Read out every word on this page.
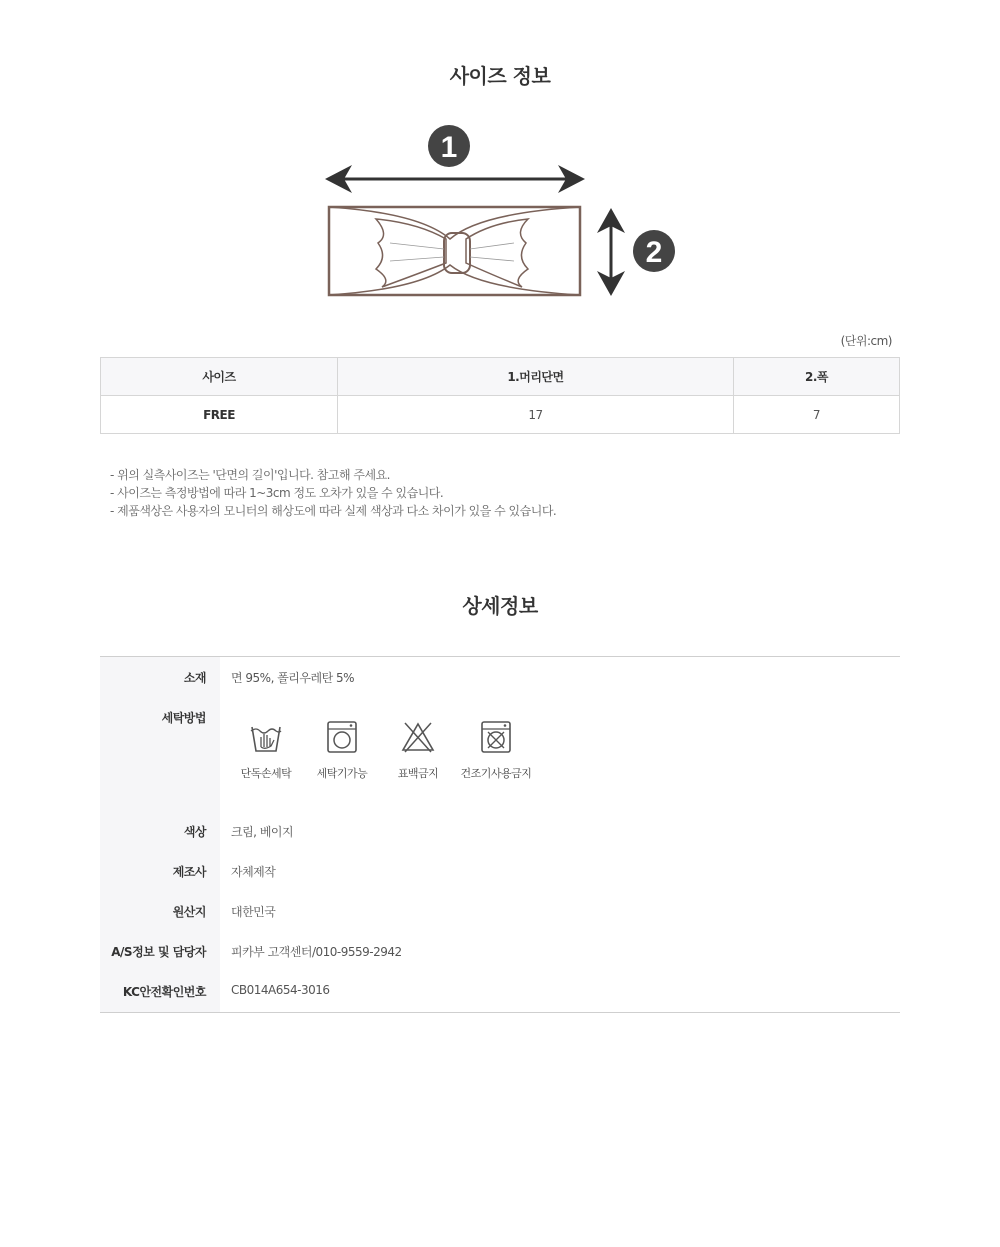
사이즈 정보
1
2
(단위:cm)
사이즈	1.머리단면	2.폭
FREE	17	7
- 위의 실측사이즈는 '단면의 길이'입니다. 참고해 주세요.
- 사이즈는 측정방법에 따라 1~3cm 정도 오차가 있을 수 있습니다.
- 제품색상은 사용자의 모니터의 해상도에 따라 실제 색상과 다소 차이가 있을 수 있습니다.
상세정보
소재 면 95%, 폴리우레탄 5%
세탁방법
단독손세탁	세탁기가능	표백금지	건조기사용금지
색상 크림, 베이지
제조사 자체제작
원산지 대한민국
A/S정보 및 담당자 피카부 고객센터/010-9559-2942
KC안전확인번호 CB014A654-3016
